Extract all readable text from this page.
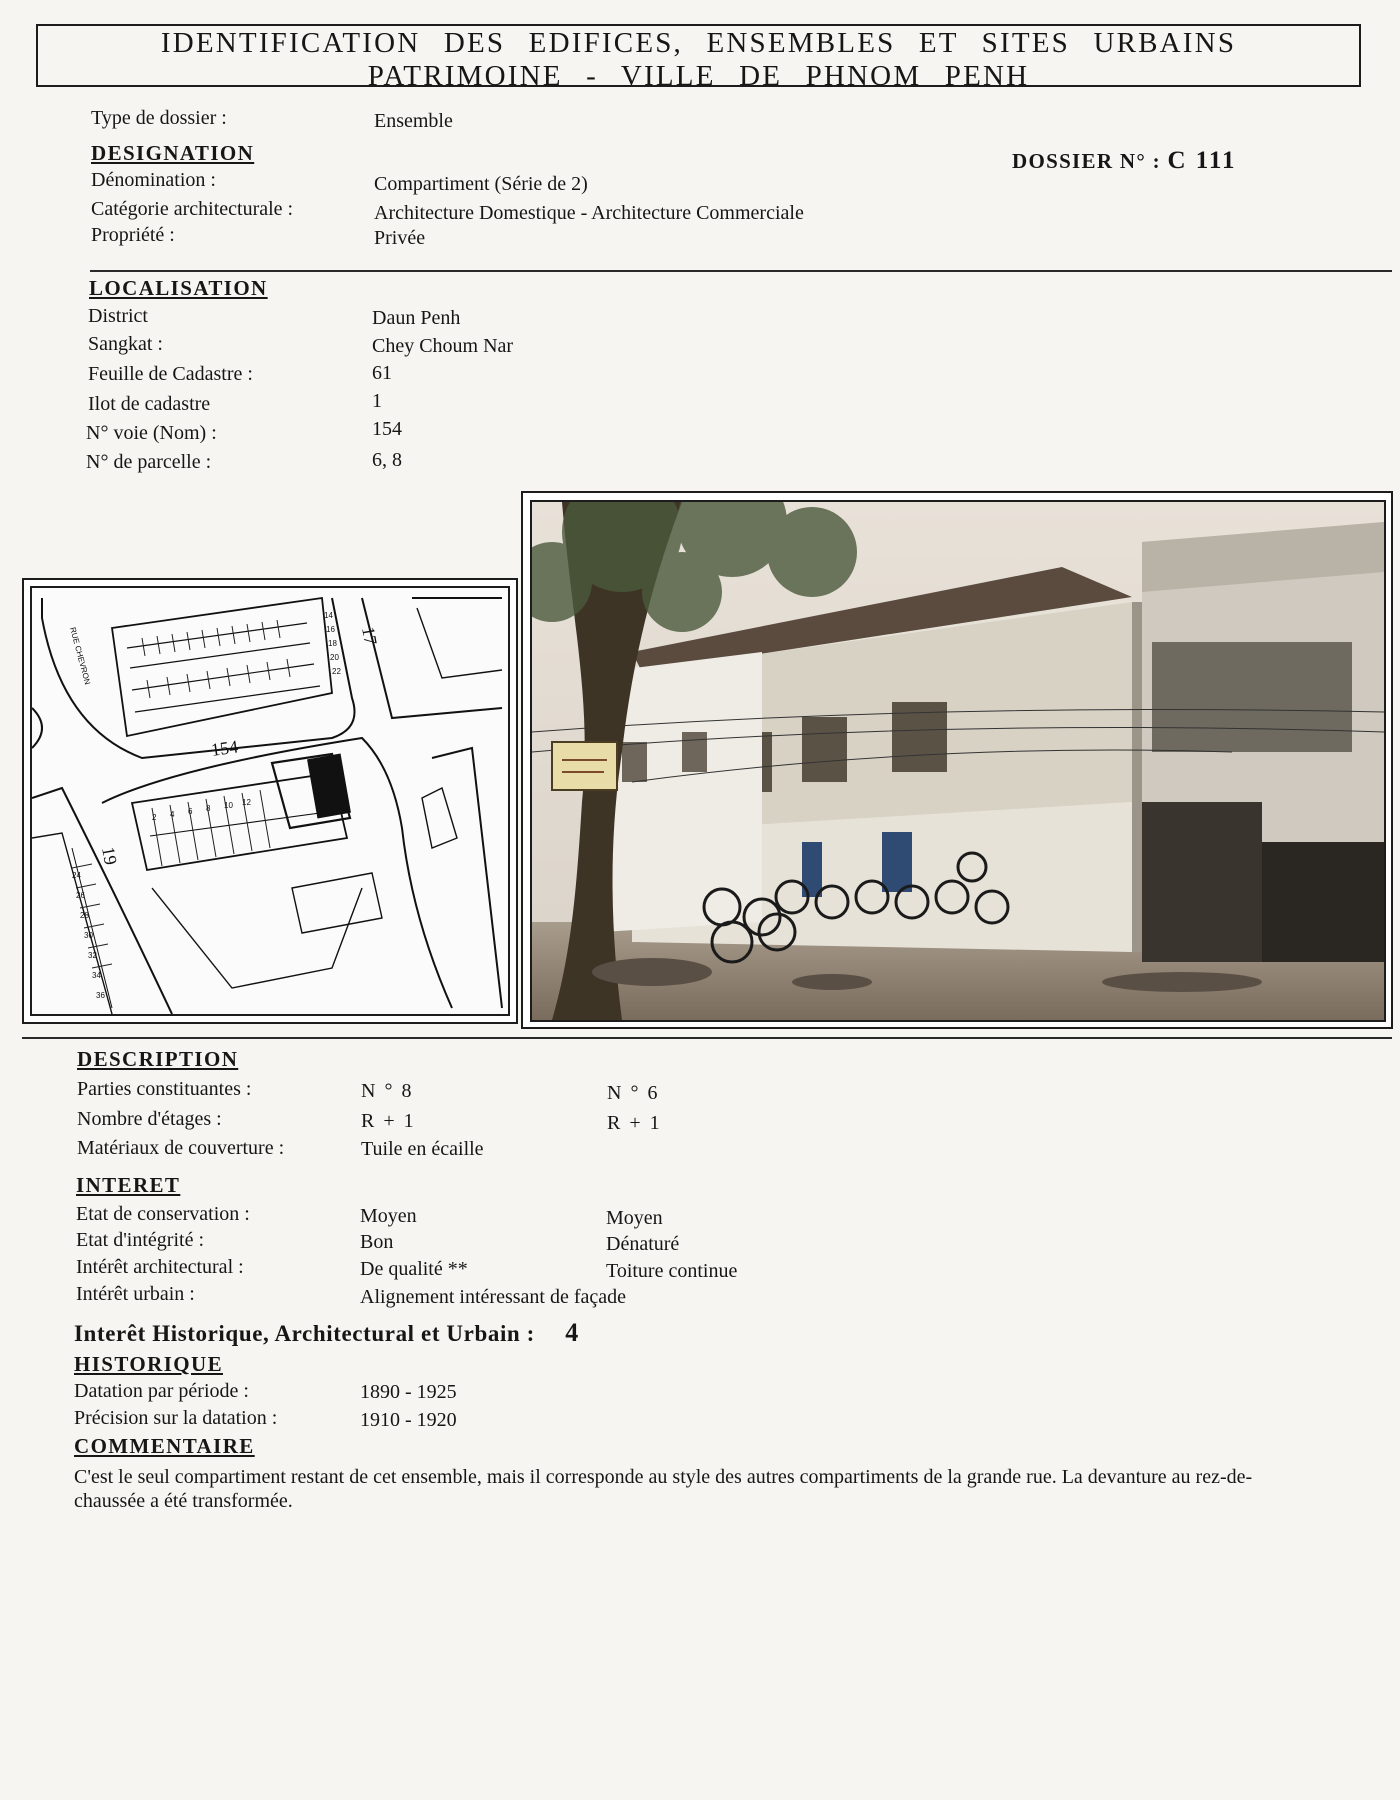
IDENTIFICATION DES EDIFICES, ENSEMBLES ET SITES URBAINS
PATRIMOINE - VILLE DE PHNOM PENH
Type de dossier :	Ensemble
DOSSIER N° : C 111
DESIGNATION
Dénomination :	Compartiment (Série de 2)
Catégorie architecturale :	Architecture Domestique - Architecture Commerciale
Propriété :	Privée
LOCALISATION
District	Daun Penh
Sangkat :	Chey Choum Nar
Feuille de Cadastre :	61
Ilot de cadastre	1
N° voie (Nom) :	154
N° de parcelle :	6, 8
154
17
19
RUE CHEVRON
2 4 6 8 10 12
14
16
18
20
22
24
26
28
30
32
34
36
DESCRIPTION
Parties constituantes :	N ° 8	N ° 6
Nombre d'étages :	R + 1	R + 1
Matériaux de couverture :	Tuile en écaille
INTERET
Etat de conservation :	Moyen	Moyen
Etat d'intégrité :	Bon	Dénaturé
Intérêt architectural :	De qualité **	Toiture continue
Intérêt urbain :	Alignement intéressant de façade
Interêt Historique, Architectural et Urbain : 4
HISTORIQUE
Datation par période :	1890 - 1925
Précision sur la datation :	1910 - 1920
COMMENTAIRE
C'est le seul compartiment restant de cet ensemble, mais il corresponde au style des autres compartiments de la grande rue. La devanture au rez-de-chaussée a été transformée.
